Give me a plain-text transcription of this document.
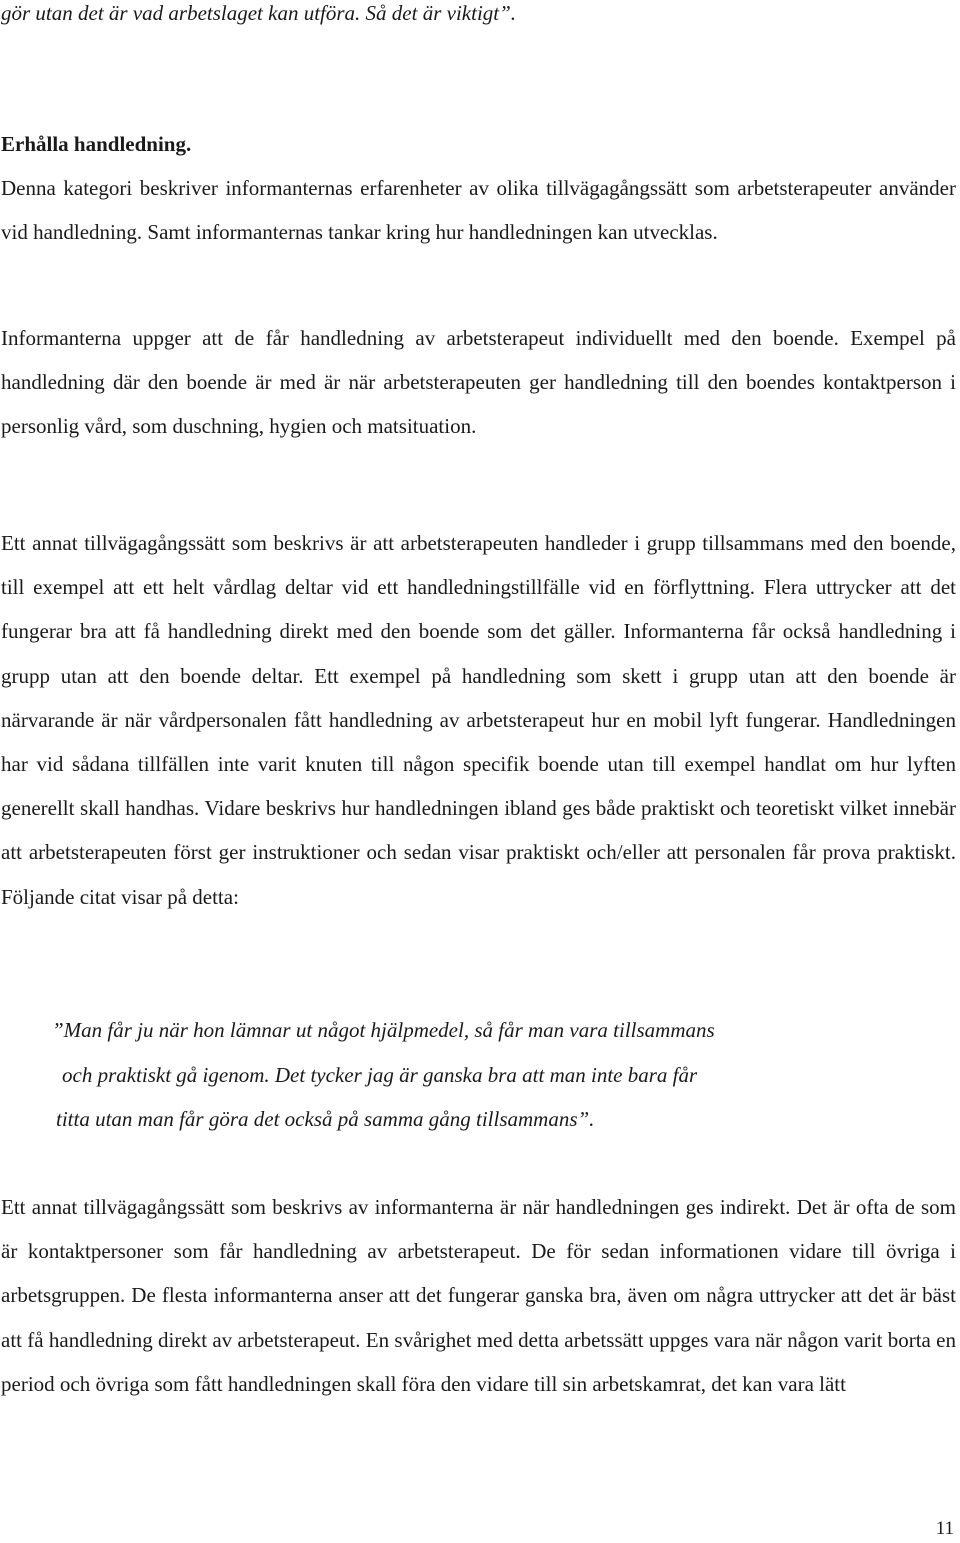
gör utan det är vad arbetslaget kan utföra. Så det är viktigt”.

Erhålla handledning.

Denna kategori beskriver informanternas erfarenheter av olika tillvägagångssätt som arbetsterapeuter använder vid handledning. Samt informanternas tankar kring hur handledningen kan utvecklas.

Informanterna uppger att de får handledning av arbetsterapeut individuellt med den boende. Exempel på handledning där den boende är med är när arbetsterapeuten ger handledning till den boendes kontaktperson i personlig vård, som duschning, hygien och matsituation.

Ett annat tillvägagångssätt som beskrivs är att arbetsterapeuten handleder i grupp tillsammans med den boende, till exempel att ett helt vårdlag deltar vid ett handledningstillfälle vid en förflyttning. Flera uttrycker att det fungerar bra att få handledning direkt med den boende som det gäller. Informanterna får också handledning i grupp utan att den boende deltar. Ett exempel på handledning som skett i grupp utan att den boende är närvarande är när vårdpersonalen fått handledning av arbetsterapeut hur en mobil lyft fungerar. Handledningen har vid sådana tillfällen inte varit knuten till någon specifik boende utan till exempel handlat om hur lyften generellt skall handhas. Vidare beskrivs hur handledningen ibland ges både praktiskt och teoretiskt vilket innebär att arbetsterapeuten först ger instruktioner och sedan visar praktiskt och/eller att personalen får prova praktiskt. Följande citat visar på detta:

”Man får ju när hon lämnar ut något hjälpmedel, så får man vara tillsammans
och praktiskt gå igenom. Det tycker jag är ganska bra att man inte bara får
titta utan man får göra det också på samma gång tillsammans”.

Ett annat tillvägagångssätt som beskrivs av informanterna är när handledningen ges indirekt. Det är ofta de som är kontaktpersoner som får handledning av arbetsterapeut. De för sedan informationen vidare till övriga i arbetsgruppen. De flesta informanterna anser att det fungerar ganska bra, även om några uttrycker att det är bäst att få handledning direkt av arbetsterapeut. En svårighet med detta arbetssätt uppges vara när någon varit borta en period och övriga som fått handledningen skall föra den vidare till sin arbetskamrat, det kan vara lätt

11
